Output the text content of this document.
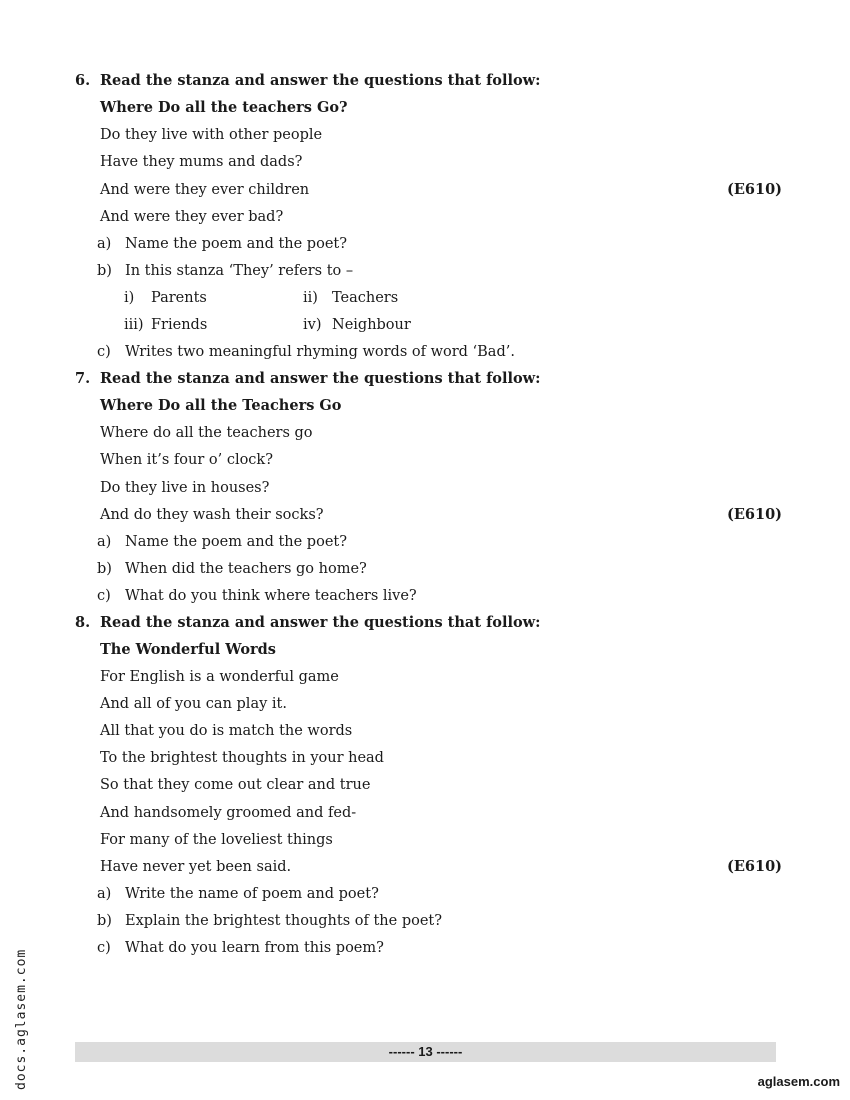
6. Read the stanza and answer the questions that follow:
Where Do all the teachers Go?
Do they live with other people
Have they mums and dads?
And were they ever children	(E610)
And were they ever bad?
a) Name the poem and the poet?
b) In this stanza ‘They’ refers to –
i) Parents	ii) Teachers
iii) Friends	iv) Neighbour
c) Writes two meaningful rhyming words of word ‘Bad’.
7. Read the stanza and answer the questions that follow:
Where Do all the Teachers Go
Where do all the teachers go
When it’s four o’ clock?
Do they live in houses?
And do they wash their socks?	(E610)
a) Name the poem and the poet?
b) When did the teachers go home?
c) What do you think where teachers live?
8. Read the stanza and answer the questions that follow:
The Wonderful Words
For English is a wonderful game
And all of you can play it.
All that you do is match the words
To the brightest thoughts in your head
So that they come out clear and true
And handsomely groomed and fed-
For many of the loveliest things
Have never yet been said.	(E610)
a) Write the name of poem and poet?
b) Explain the brightest thoughts of the poet?
c) What do you learn from this poem?
------ 13 ------
aglasem.com
docs.aglasem.com
